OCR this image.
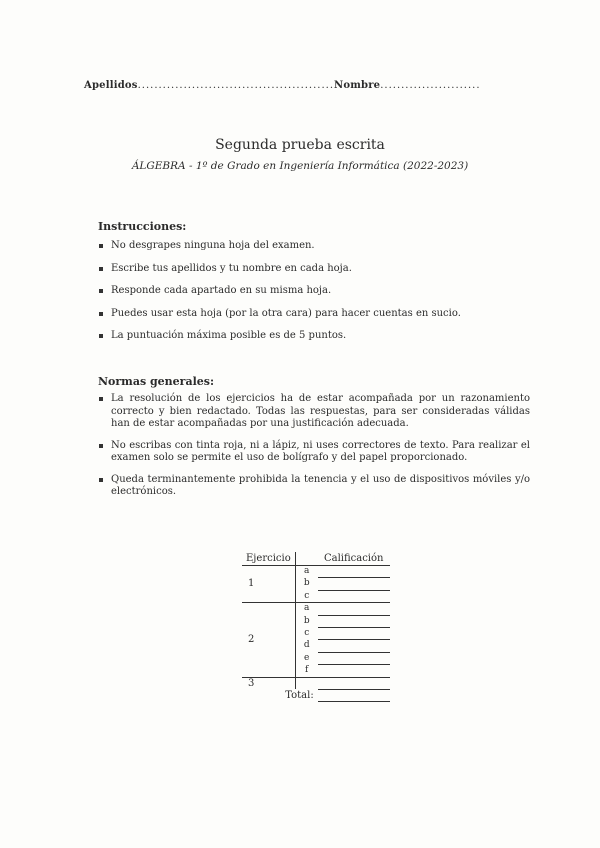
Apellidos...............................................Nombre........................
Segunda prueba escrita
ÁLGEBRA - 1º de Grado en Ingeniería Informática (2022-2023)
Instrucciones:
No desgrapes ninguna hoja del examen.
Escribe tus apellidos y tu nombre en cada hoja.
Responde cada apartado en su misma hoja.
Puedes usar esta hoja (por la otra cara) para hacer cuentas en sucio.
La puntuación máxima posible es de 5 puntos.
Normas generales:
La resolución de los ejercicios ha de estar acompañada por un razonamiento correcto y bien redactado. Todas las respuestas, para ser consideradas válidas han de estar acompañadas por una justificación adecuada.
No escribas con tinta roja, ni a lápiz, ni uses correctores de texto. Para realizar el examen solo se permite el uso de bolígrafo y del papel proporcionado.
Queda terminantemente prohibida la tenencia y el uso de dispositivos móviles y/o electrónicos.
Ejercicio		Calificación
1	a	
	b	
	c	
2	a	
	b	
	c	
	d	
	e	
	f	
3		
Total:		
